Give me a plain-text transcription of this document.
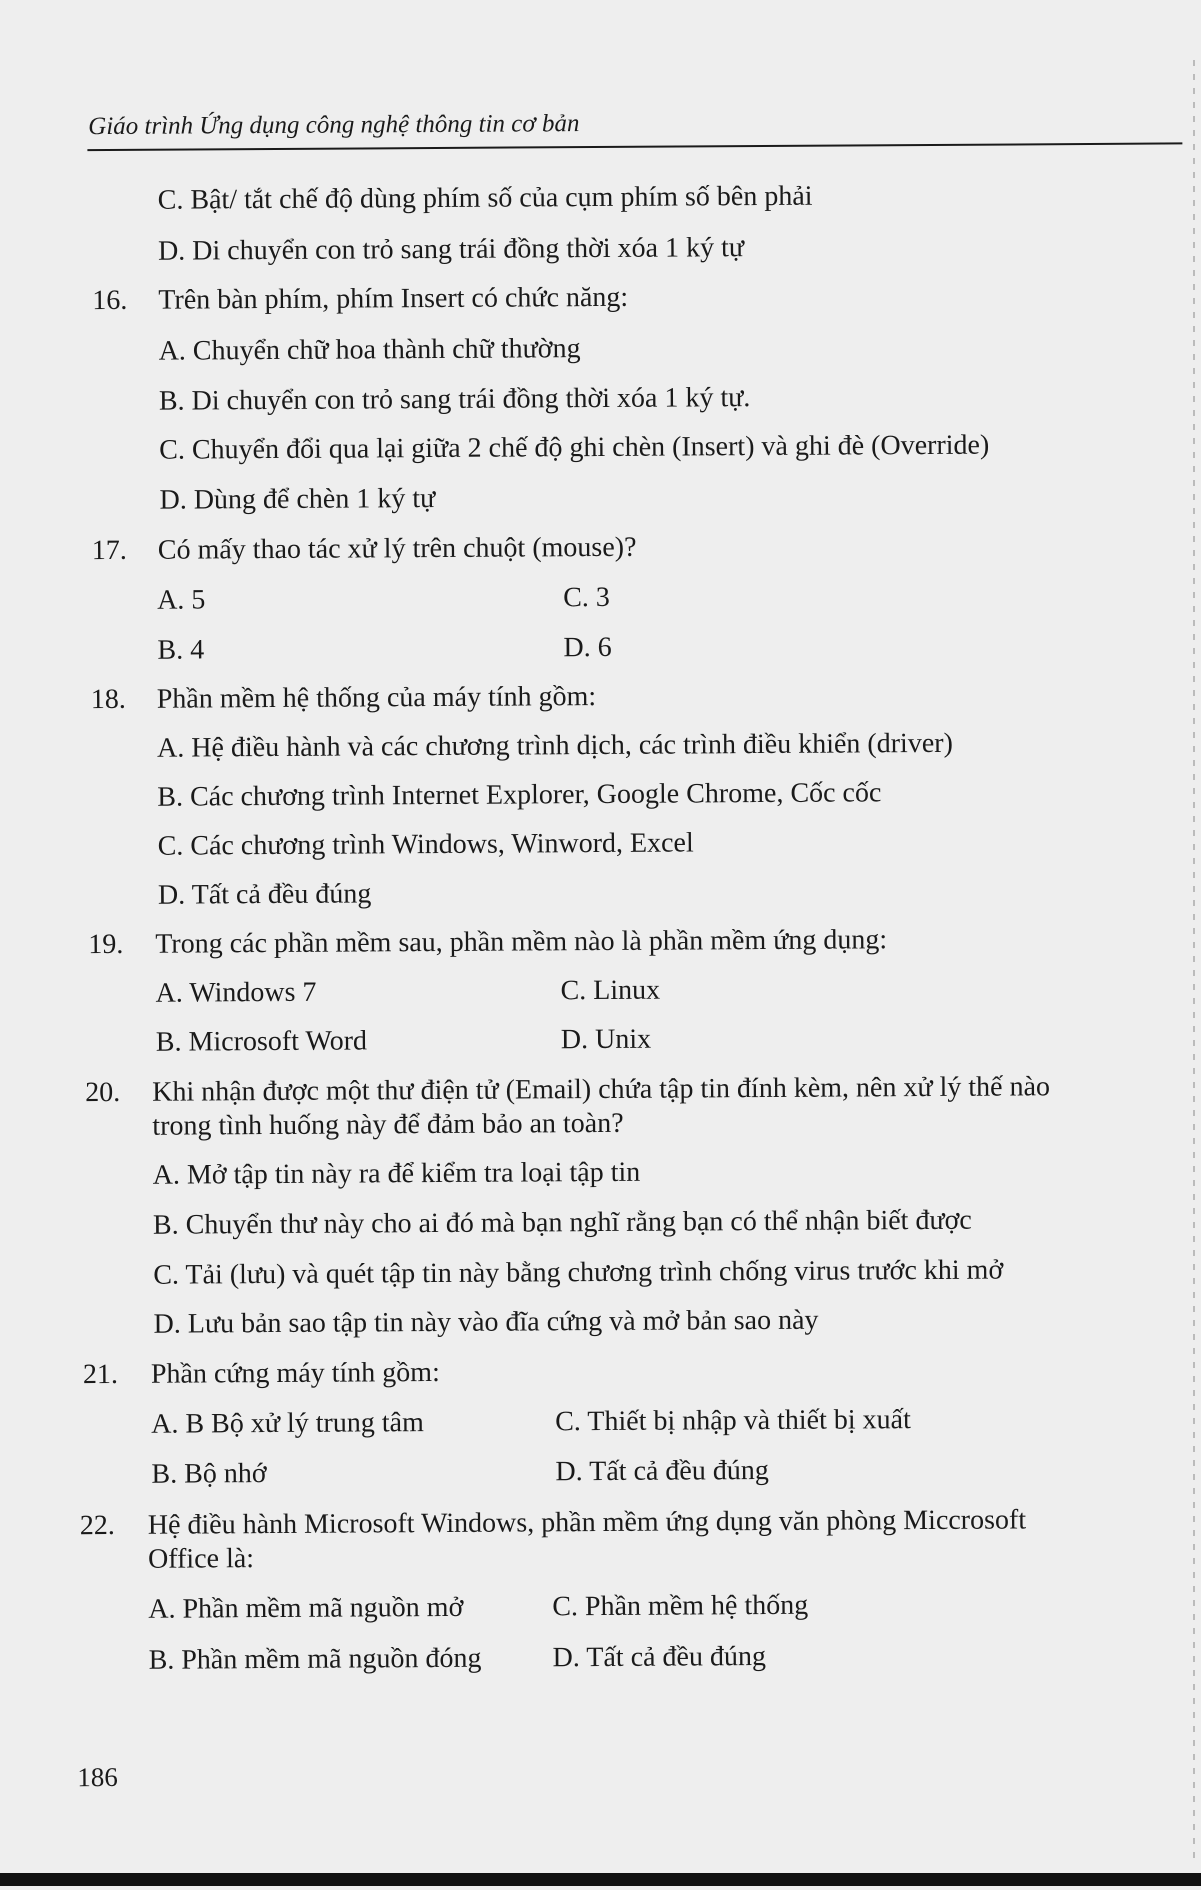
Giáo trình Ứng dụng công nghệ thông tin cơ bản
C. Bật/ tắt chế độ dùng phím số của cụm phím số bên phải
D. Di chuyển con trỏ sang trái đồng thời xóa 1 ký tự
16. Trên bàn phím, phím Insert có chức năng:
A. Chuyển chữ hoa thành chữ thường
B. Di chuyển con trỏ sang trái đồng thời xóa 1 ký tự.
C. Chuyển đổi qua lại giữa 2 chế độ ghi chèn (Insert) và ghi đè (Override)
D. Dùng để chèn 1 ký tự
17. Có mấy thao tác xử lý trên chuột (mouse)?
A. 5	C. 3
B. 4	D. 6
18. Phần mềm hệ thống của máy tính gồm:
A. Hệ điều hành và các chương trình dịch, các trình điều khiển (driver)
B. Các chương trình Internet Explorer, Google Chrome, Cốc cốc
C. Các chương trình Windows, Winword, Excel
D. Tất cả đều đúng
19. Trong các phần mềm sau, phần mềm nào là phần mềm ứng dụng:
A. Windows 7	C. Linux
B. Microsoft Word	D. Unix
20. Khi nhận được một thư điện tử (Email) chứa tập tin đính kèm, nên xử lý thế nào
trong tình huống này để đảm bảo an toàn?
A. Mở tập tin này ra để kiểm tra loại tập tin
B. Chuyển thư này cho ai đó mà bạn nghĩ rằng bạn có thể nhận biết được
C. Tải (lưu) và quét tập tin này bằng chương trình chống virus trước khi mở
D. Lưu bản sao tập tin này vào đĩa cứng và mở bản sao này
21. Phần cứng máy tính gồm:
A. B Bộ xử lý trung tâm	C. Thiết bị nhập và thiết bị xuất
B. Bộ nhớ	D. Tất cả đều đúng
22. Hệ điều hành Microsoft Windows, phần mềm ứng dụng văn phòng Miccrosoft
Office là:
A. Phần mềm mã nguồn mở	C. Phần mềm hệ thống
B. Phần mềm mã nguồn đóng	D. Tất cả đều đúng
186
